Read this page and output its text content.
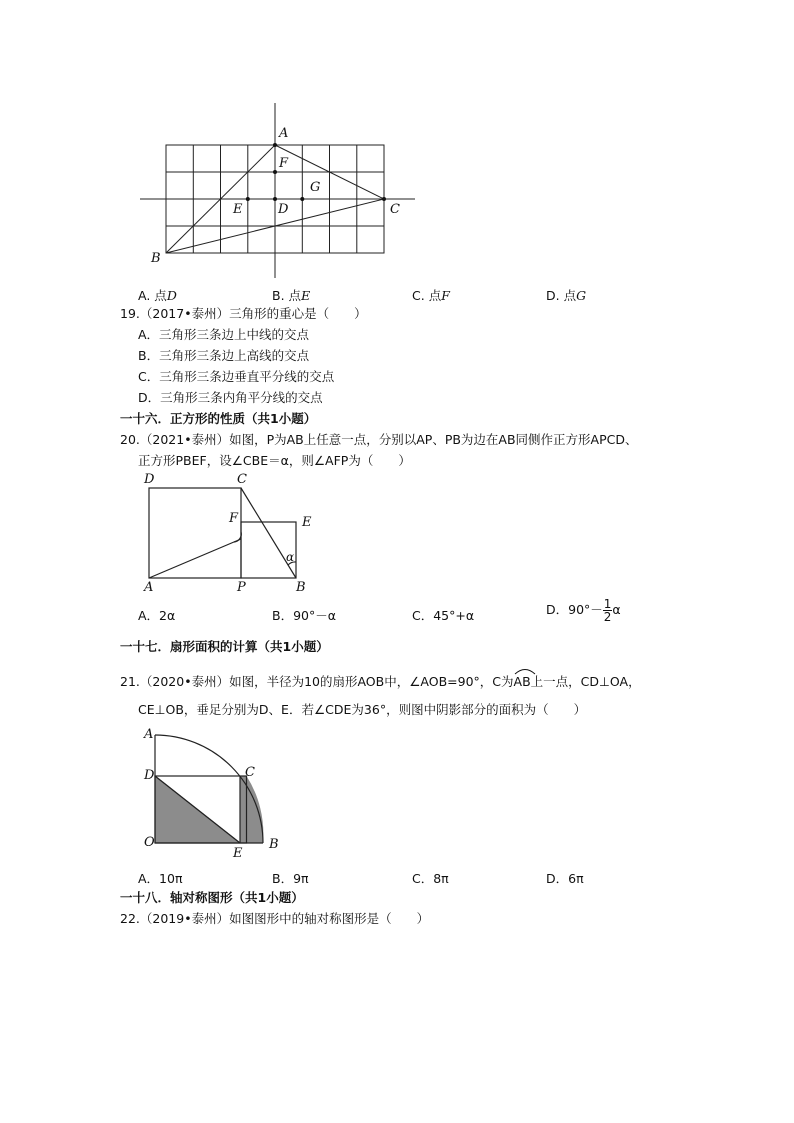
A
F
G
E	D	C
B
A. 点D	B. 点E	C. 点F	D. 点G
19.（2017•泰州）三角形的重心是（　　）
A．三角形三条边上中线的交点
B．三角形三条边上高线的交点
C．三角形三条边垂直平分线的交点
D．三角形三条内角平分线的交点
一十六．正方形的性质（共1小题）
20.（2021•泰州）如图，P为AB上任意一点，分别以AP、PB为边在AB同侧作正方形APCD、
正方形PBEF，设∠CBE＝α，则∠AFP为（　　）
D	C
F	E
α
A	P	B
A．2α	B．90°－α	C．45°+α	D．$90^\circ- \frac{1}{2}$ α
一十七．扇形面积的计算（共1小题）
21.（2020•泰州）如图，半径为10的扇形AOB中，∠AOB=90°，C为
AB上一点，CD⊥OA，
CE⊥OB，垂足分别为D、E．若∠CDE为36°，则图中阴影部分的面积为（　　）
A
D	C
O
E
B
A．10π	B．9π	C．8π	D．6π
一十八．轴对称图形（共1小题）
22.（2019•泰州）如图图形中的轴对称图形是（　　）
